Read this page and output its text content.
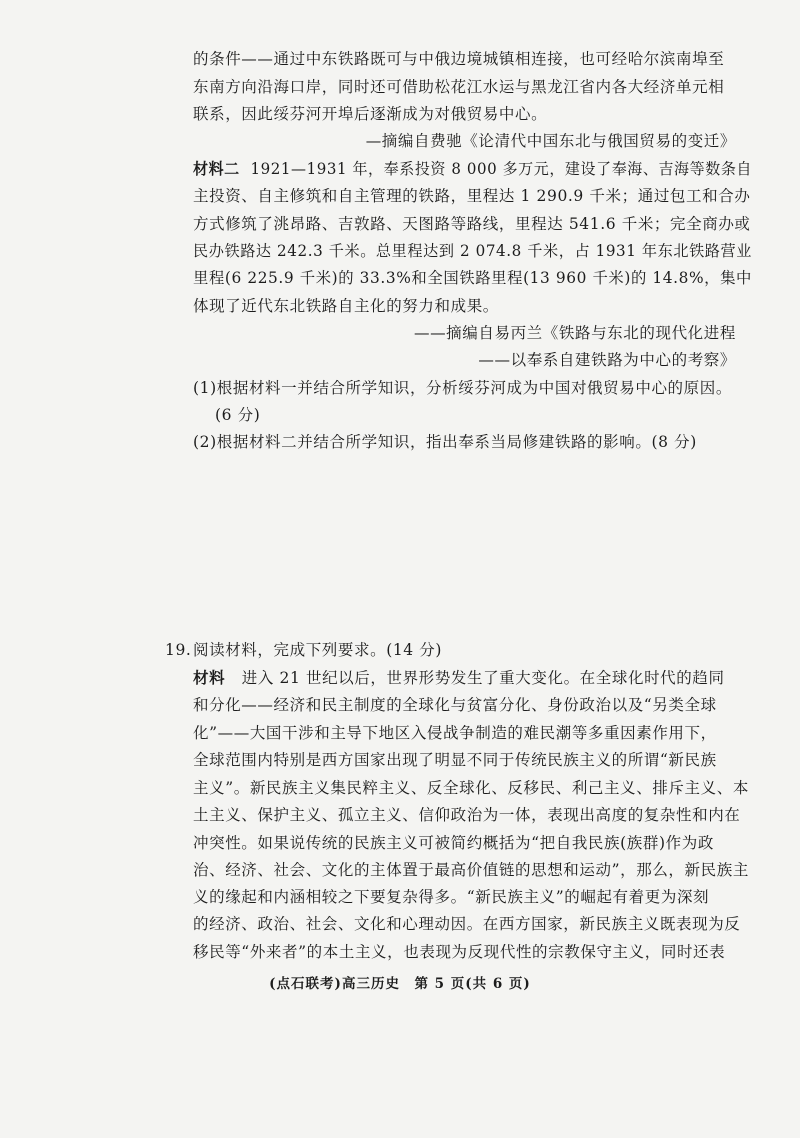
的条件——通过中东铁路既可与中俄边境城镇相连接，也可经哈尔滨南埠至
东南方向沿海口岸，同时还可借助松花江水运与黑龙江省内各大经济单元相
联系，因此绥芬河开埠后逐渐成为对俄贸易中心。
—摘编自费驰《论清代中国东北与俄国贸易的变迁》
材料二 1921—1931 年，奉系投资 8 000 多万元，建设了奉海、吉海等数条自
主投资、自主修筑和自主管理的铁路，里程达 1 290.9 千米；通过包工和合办
方式修筑了洮昂路、吉敦路、天图路等路线，里程达 541.6 千米；完全商办或
民办铁路达 242.3 千米。总里程达到 2 074.8 千米，占 1931 年东北铁路营业
里程(6 225.9 千米)的 33.3%和全国铁路里程(13 960 千米)的 14.8%，集中
体现了近代东北铁路自主化的努力和成果。
——摘编自易丙兰《铁路与东北的现代化进程
——以奉系自建铁路为中心的考察》
(1)根据材料一并结合所学知识，分析绥芬河成为中国对俄贸易中心的原因。
(6 分)
(2)根据材料二并结合所学知识，指出奉系当局修建铁路的影响。(8 分)
19. 阅读材料，完成下列要求。(14 分)
材料 进入 21 世纪以后，世界形势发生了重大变化。在全球化时代的趋同
和分化——经济和民主制度的全球化与贫富分化、身份政治以及“另类全球
化”——大国干涉和主导下地区入侵战争制造的难民潮等多重因素作用下，
全球范围内特别是西方国家出现了明显不同于传统民族主义的所谓“新民族
主义”。新民族主义集民粹主义、反全球化、反移民、利己主义、排斥主义、本
土主义、保护主义、孤立主义、信仰政治为一体，表现出高度的复杂性和内在
冲突性。如果说传统的民族主义可被简约概括为“把自我民族(族群)作为政
治、经济、社会、文化的主体置于最高价值链的思想和运动”，那么，新民族主
义的缘起和内涵相较之下要复杂得多。“新民族主义”的崛起有着更为深刻
的经济、政治、社会、文化和心理动因。在西方国家，新民族主义既表现为反
移民等“外来者”的本土主义，也表现为反现代性的宗教保守主义，同时还表
(点石联考)高三历史　第 5 页(共 6 页)
